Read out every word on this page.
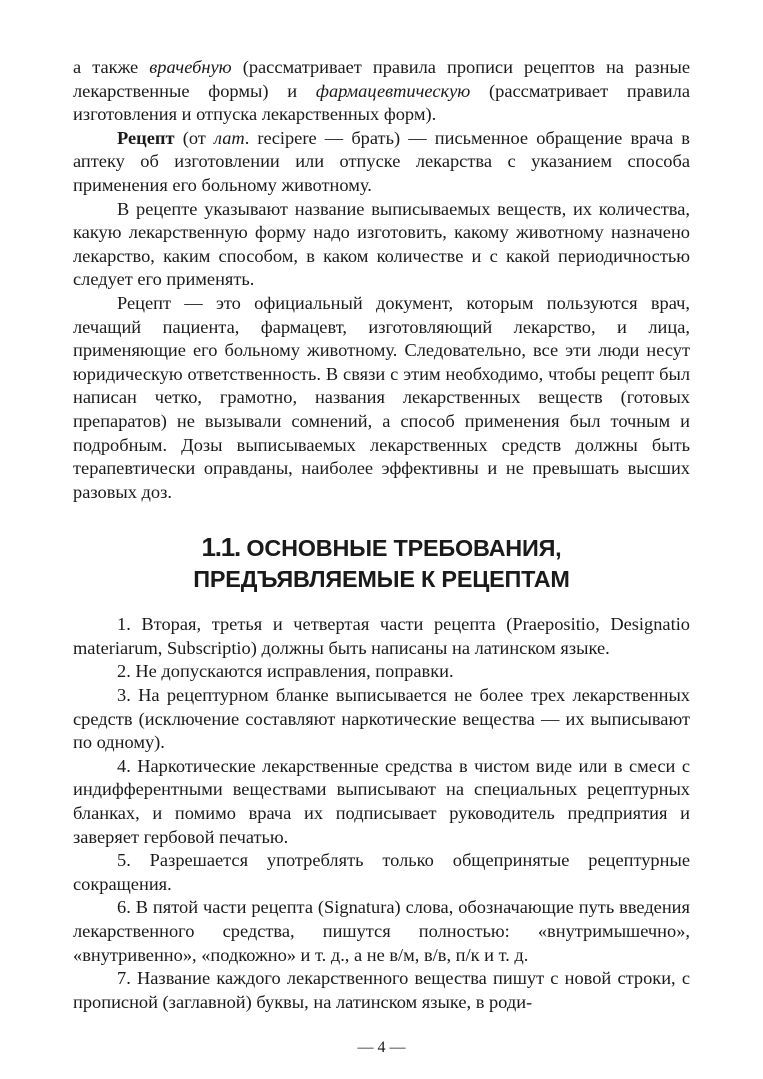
а также врачебную (рассматривает правила прописи рецептов на разные лекарственные формы) и фармацевтическую (рассматривает правила изготовления и отпуска лекарственных форм).

Рецепт (от лат. recipere — брать) — письменное обращение врача в аптеку об изготовлении или отпуске лекарства с указанием способа применения его больному животному.

В рецепте указывают название выписываемых веществ, их количества, какую лекарственную форму надо изготовить, какому животному назначено лекарство, каким способом, в каком количестве и с какой периодичностью следует его применять.

Рецепт — это официальный документ, которым пользуются врач, лечащий пациента, фармацевт, изготовляющий лекарство, и лица, применяющие его больному животному. Следовательно, все эти люди несут юридическую ответственность. В связи с этим необходимо, чтобы рецепт был написан четко, грамотно, названия лекарственных веществ (готовых препаратов) не вызывали сомнений, а способ применения был точным и подробным. Дозы выписываемых лекарственных средств должны быть терапевтически оправданы, наиболее эффективны и не превышать высших разовых доз.

1.1. ОСНОВНЫЕ ТРЕБОВАНИЯ,
ПРЕДЪЯВЛЯЕМЫЕ К РЕЦЕПТАМ

1. Вторая, третья и четвертая части рецепта (Praepositio, Designatio materiarum, Subscriptio) должны быть написаны на латинском языке.

2. Не допускаются исправления, поправки.

3. На рецептурном бланке выписывается не более трех лекарственных средств (исключение составляют наркотические вещества — их выписывают по одному).

4. Наркотические лекарственные средства в чистом виде или в смеси с индифферентными веществами выписывают на специальных рецептурных бланках, и помимо врача их подписывает руководитель предприятия и заверяет гербовой печатью.

5. Разрешается употреблять только общепринятые рецептурные сокращения.

6. В пятой части рецепта (Signatura) слова, обозначающие путь введения лекарственного средства, пишутся полностью: «внутримышечно», «внутривенно», «подкожно» и т. д., а не в/м, в/в, п/к и т. д.

7. Название каждого лекарственного вещества пишут с новой строки, с прописной (заглавной) буквы, на латинском языке, в роди-

— 4 —
